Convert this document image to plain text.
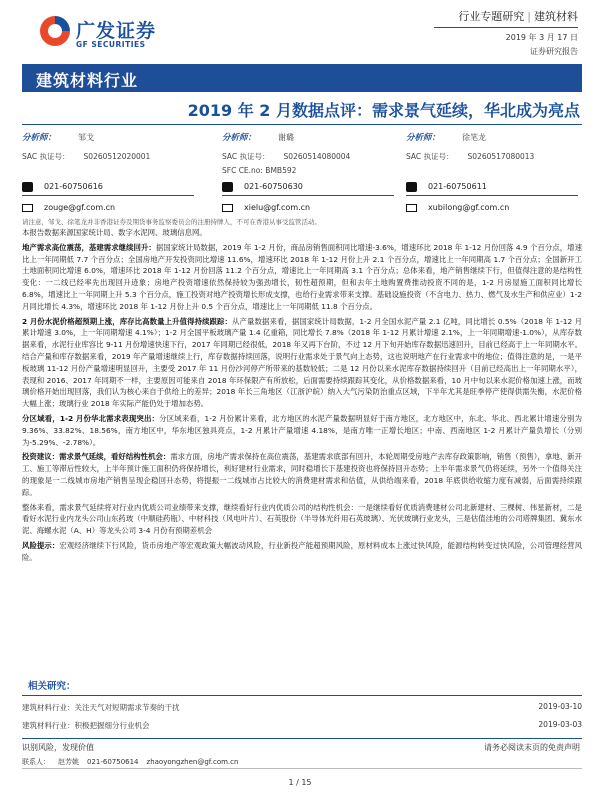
广发证券
GF SECURITIES
行业专题研究 | 建筑材料
2019 年 3 月 17 日
证券研究报告
建筑材料行业
2019 年 2 月数据点评：需求景气延续，华北成为亮点
分析师：	邹戈
SAC 执证号： S0260512020001
021-60750616
zouge@gf.com.cn
分析师：	谢璐
SAC 执证号： S0260514080004
SFC CE.no: BMB592
021-60750630
xielu@gf.com.cn
分析师：	徐笔龙
SAC 执证号： S0260517080013
021-60750611
xubilong@gf.com.cn
请注意，邹戈、徐笔龙并非香港证券及期货事务监察委员会的注册持牌人，不可在香港从事受监管活动。

本报告数据来源国家统计局、数字水泥网、玻璃信息网。

地产需求高位震荡，基建需求继续回升：据国家统计局数据，2019 年 1-2 月份，商品房销售面积同比增速-3.6%，增速环比 2018 年 1-12 月份回落 4.9 个百分点，增速比上一年同期低 7.7 个百分点；全国房地产开发投资同比增速 11.6%，增速环比 2018 年 1-12 月份上升 2.1 个百分点，增速比上一年同期高 1.7 个百分点；全国新开工土地面积同比增速 6.0%，增速环比 2018 年 1-12 月份回落 11.2 个百分点，增速比上一年同期高 3.1 个百分点；总体来看，地产销售继续下行，但值得注意的是结构性变化：一二线已经率先出现回升迹象；房地产投资增速依然保持较为强劲增长，韧性超预期，但和去年土地购置费推动投资不同的是，1-2 月房屋施工面积同比增长 6.8%，增速比上一年同期上升 5.3 个百分点，施工投资对地产投资增长形成支撑，也给行业需求带来支撑。基础设施投资（不含电力、热力、燃气及水生产和供应业）1-2 月同比增长 4.3%，增速环比 2018 年 1-12 月份上升 0.5 个百分点，增速比上一年同期低 11.8 个百分点。

2 月份水泥价格超预期上涨，库存比高数量上升值得持续跟踪：从产量数据来看，据国家统计局数据，1-2 月全国水泥产量 2.1 亿吨，同比增长 0.5%（2018 年 1-12 月累计增速 3.0%，上一年同期增速 4.1%）；1-2 月全国平板玻璃产量 1.4 亿重箱，同比增长 7.8%（2018 年 1-12 月累计增速 2.1%，上一年同期增速-1.0%），从库存数据来看，水泥行业库容比 9-11 月份增速快速下行，2017 年同期已经很低，2018 年又再下台阶，不过 12 月下旬开始库存数据迅速回升，目前已经高于上一年同期水平。结合产量和库存数据来看，2019 年产量增速继续上行，库存数据持续回落，说明行业需求处于景气向上态势，这也说明地产在行业需求中的地位；值得注意的是，一是平板玻璃 11-12 月份产量增速明显回升，主要受 2017 年 11 月份沙河停产所带来的基数较低；二是 12 月份以来水泥库存数据持续回升（目前已经高出上一年同期水平），表现和 2016、2017 年同期不一样，主要原因可能来自 2018 年环保限产有所放松，后面需要持续跟踪其变化，从价格数据来看，10 月中旬以来水泥价格加速上涨，而玻璃价格开始出现回落，我们认为核心来自于供给上的差异；2018 年长三角地区（江浙沪皖）纳入大气污染防治重点区域，下半年尤其是旺季停产使得供需失衡，水泥价格大幅上涨；玻璃行业 2018 年实际产能仍处于增加态势。

分区域看，1-2 月份华北需求表现突出：分区域来看，1-2 月份累计来看，北方地区的水泥产量数据明显好于南方地区，北方地区中，东北、华北、西北累计增速分别为 9.36%、33.82%、18.56%，南方地区中，华东地区独具亮点，1-2 月累计产量增速 4.18%，是南方唯一正增长地区；中南、西南地区 1-2 月累计产量负增长（分别为-5.29%、-2.78%）。

投资建议：需求景气延续，看好结构性机会：需求方面，房地产需求保持在高位震荡，基建需求底部有回升，本轮周期受房地产去库存政策影响，销售（预售），拿地、新开工、施工等滞后性较大，上半年预计施工面积仍将保持增长，利好建材行业需求，同时稳增长下基建投资也将保持回升态势；上半年需求景气仍将延续，另外一个值得关注的现象是一二线城市房地产销售呈现企稳回升态势，将提振一二线城市占比较大的消费建材需求和估值，从供给端来看，2018 年底供给收缩力度有减弱，后面需持续跟踪。

整体来看，需求景气延续将对行业内优质公司业绩带来支撑，继续看好行业内优质公司的结构性机会：一是继续看好优质消费建材公司北新建材、三棵树、伟星新材，二是看好水泥行业内龙头公司山东药玻（中顺硅药瓶）、中材科技（风电叶片）、石英股份（半导体光纤用石英玻璃）、光伏玻璃行业龙头，三是估值洼地的公司塔牌集团、冀东水泥、海螺水泥（A、H）等龙头公司 3-4 月份有预期差机会

风险提示：宏观经济继续下行风险，货币房地产等宏观政策大幅波动风险，行业新投产能超预期风险，原材料成本上涨过快风险，能源结构转变过快风险，公司管理经营风险。

相关研究：
建筑材料行业：关注天气对短期需求节奏的干扰	2019-03-10
建筑材料行业：积极把握细分行业机会	2019-03-03
识别风险，发现价值	请务必阅读末页的免责声明
联系人： 赵芳姚 021-60750614 zhaoyongzhen@gf.com.cn
1 / 15
